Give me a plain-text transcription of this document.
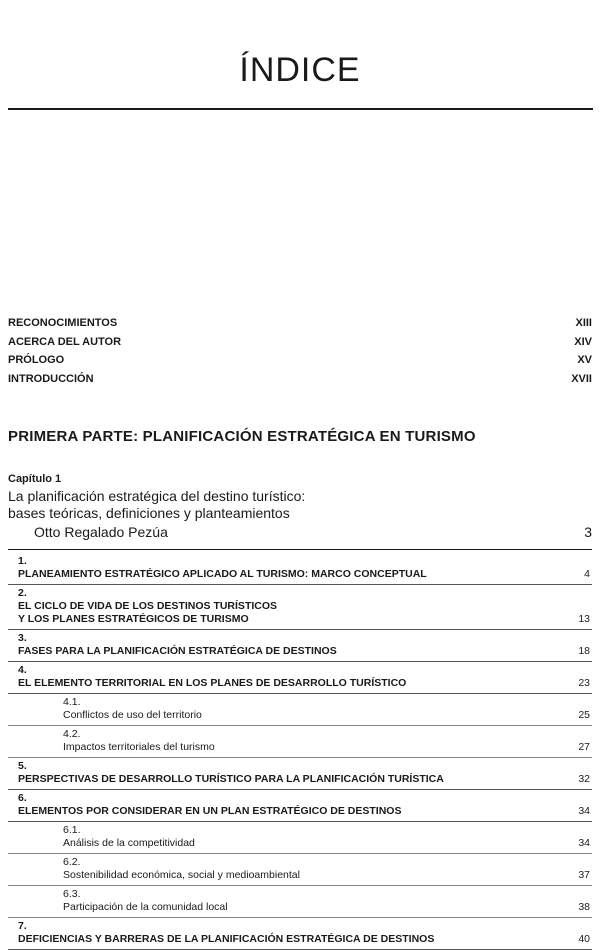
ÍNDICE
RECONOCIMIENTOS	XIII
ACERCA DEL AUTOR	XIV
PRÓLOGO	XV
INTRODUCCIÓN	XVII
PRIMERA PARTE: PLANIFICACIÓN ESTRATÉGICA EN TURISMO
Capítulo 1
La planificación estratégica del destino turístico:
bases teóricas, definiciones y planteamientos
Otto Regalado Pezúa	3
1.
PLANEAMIENTO ESTRATÉGICO APLICADO AL TURISMO: MARCO CONCEPTUAL	4
2.
EL CICLO DE VIDA DE LOS DESTINOS TURÍSTICOS
Y LOS PLANES ESTRATÉGICOS DE TURISMO	13
3.
FASES PARA LA PLANIFICACIÓN ESTRATÉGICA DE DESTINOS	18
4.
EL ELEMENTO TERRITORIAL EN LOS PLANES DE DESARROLLO TURÍSTICO	23
4.1.
Conflictos de uso del territorio	25
4.2.
Impactos territoriales del turismo	27
5.
PERSPECTIVAS DE DESARROLLO TURÍSTICO PARA LA PLANIFICACIÓN TURÍSTICA	32
6.
ELEMENTOS POR CONSIDERAR EN UN PLAN ESTRATÉGICO DE DESTINOS	34
6.1.
Análisis de la competitividad	34
6.2.
Sostenibilidad económica, social y medioambiental	37
6.3.
Participación de la comunidad local	38
7.
DEFICIENCIAS Y BARRERAS DE LA PLANIFICACIÓN ESTRATÉGICA DE DESTINOS	40
